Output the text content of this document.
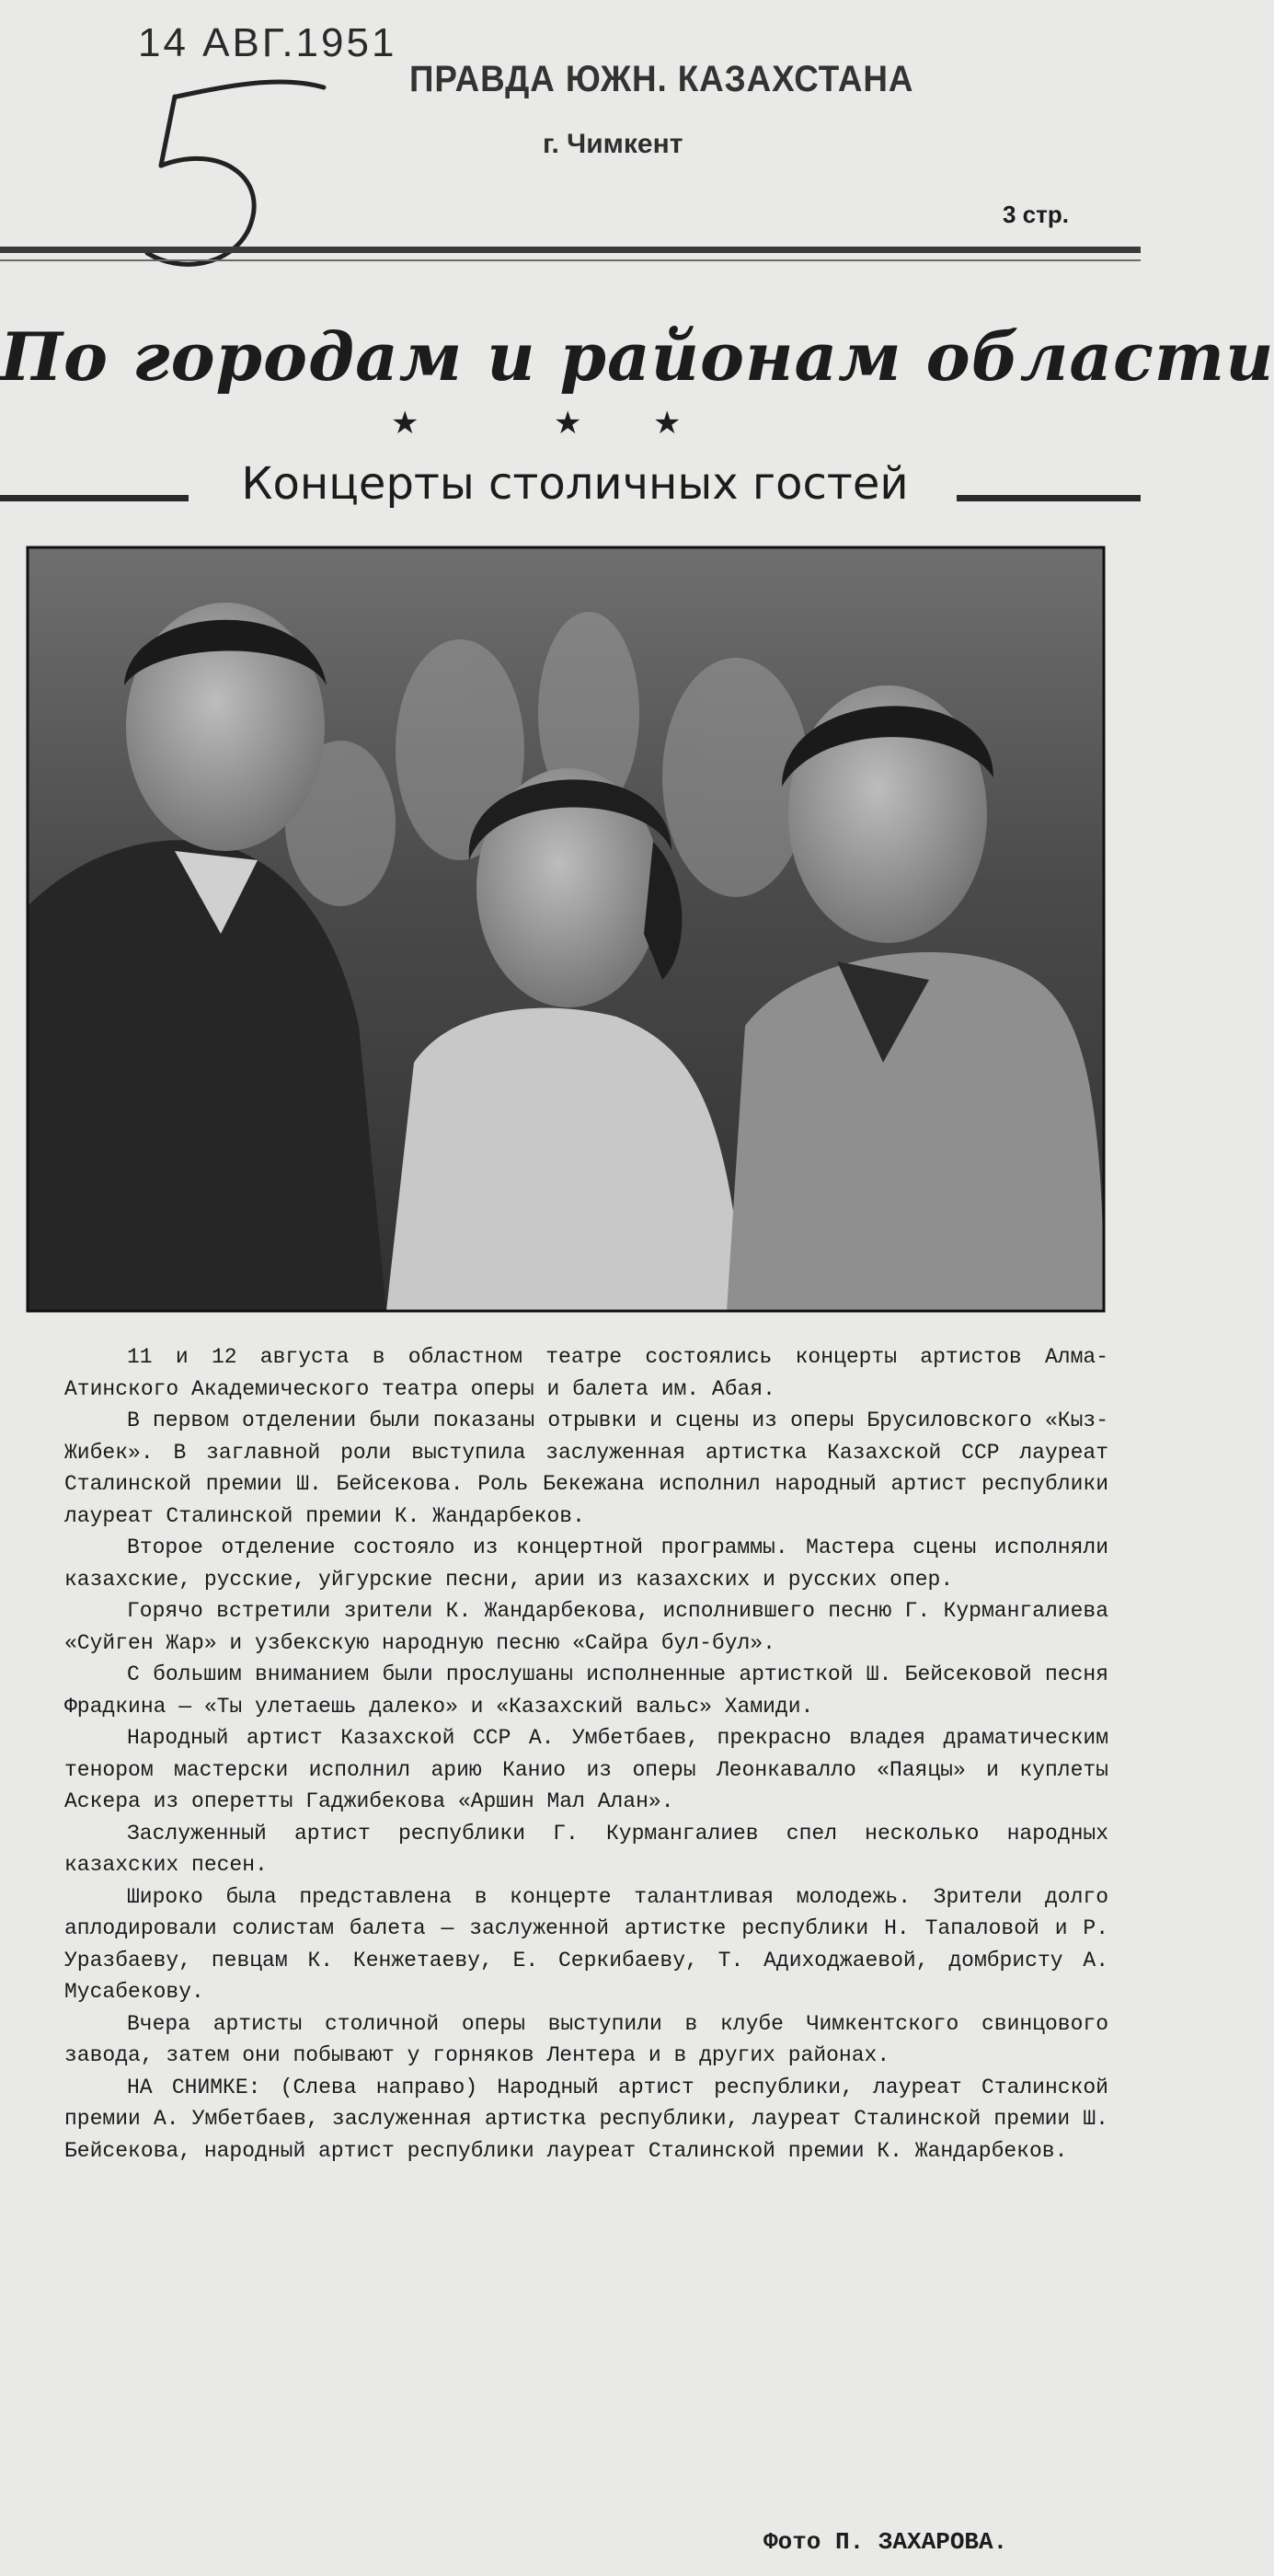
14 АВГ.1951
ПРАВДА ЮЖН. КАЗАХСТАНА
г. Чимкент
3 стр.
По городам и районам области
★	★ ★
Концерты столичных гостей

11 и 12 августа в областном театре состоялись концерты артистов Алма-Атинского Академического театра оперы и балета им. Абая.

В первом отделении были показаны отрывки и сцены из оперы Брусиловского «Кыз-Жибек». В заглавной роли выступила заслуженная артистка Казахской ССР лауреат Сталинской премии Ш. Бейсекова. Роль Бекежана исполнил народный артист республики лауреат Сталинской премии К. Жандарбеков.

Второе отделение состояло из концертной программы. Мастера сцены исполняли казахские, русские, уйгурские песни, арии из казахских и русских опер.

Горячо встретили зрители К. Жандарбекова, исполнившего песню Г. Курмангалиева «Суйген Жар» и узбекскую народную песню «Сайра бул-бул».

С большим вниманием были прослушаны исполненные артисткой Ш. Бейсековой песня Фрадкина — «Ты улетаешь далеко» и «Казахский вальс» Хамиди.

Народный артист Казахской ССР А. Умбетбаев, прекрасно владея драматическим тенором мастерски исполнил арию Канио из оперы Леонкавалло «Паяцы» и куплеты Аскера из оперетты Гаджибекова «Аршин Мал Алан».

Заслуженный артист республики Г. Курмангалиев спел несколько народных казахских песен.

Широко была представлена в концерте талантливая молодежь. Зрители долго аплодировали солистам балета — заслуженной артистке республики Н. Тапаловой и Р. Уразбаеву, певцам К. Кенжетаеву, Е. Серкибаеву, Т. Адиходжаевой, домбристу А. Мусабекову.

Вчера артисты столичной оперы выступили в клубе Чимкентского свинцового завода, затем они побывают у горняков Лентера и в других районах.

НА СНИМКЕ: (Слева направо) Народный артист республики, лауреат Сталинской премии А. Умбетбаев, заслуженная артистка республики, лауреат Сталинской премии Ш. Бейсекова, народный артист республики лауреат Сталинской премии К. Жандарбеков.

Фото П. ЗАХАРОВА.
